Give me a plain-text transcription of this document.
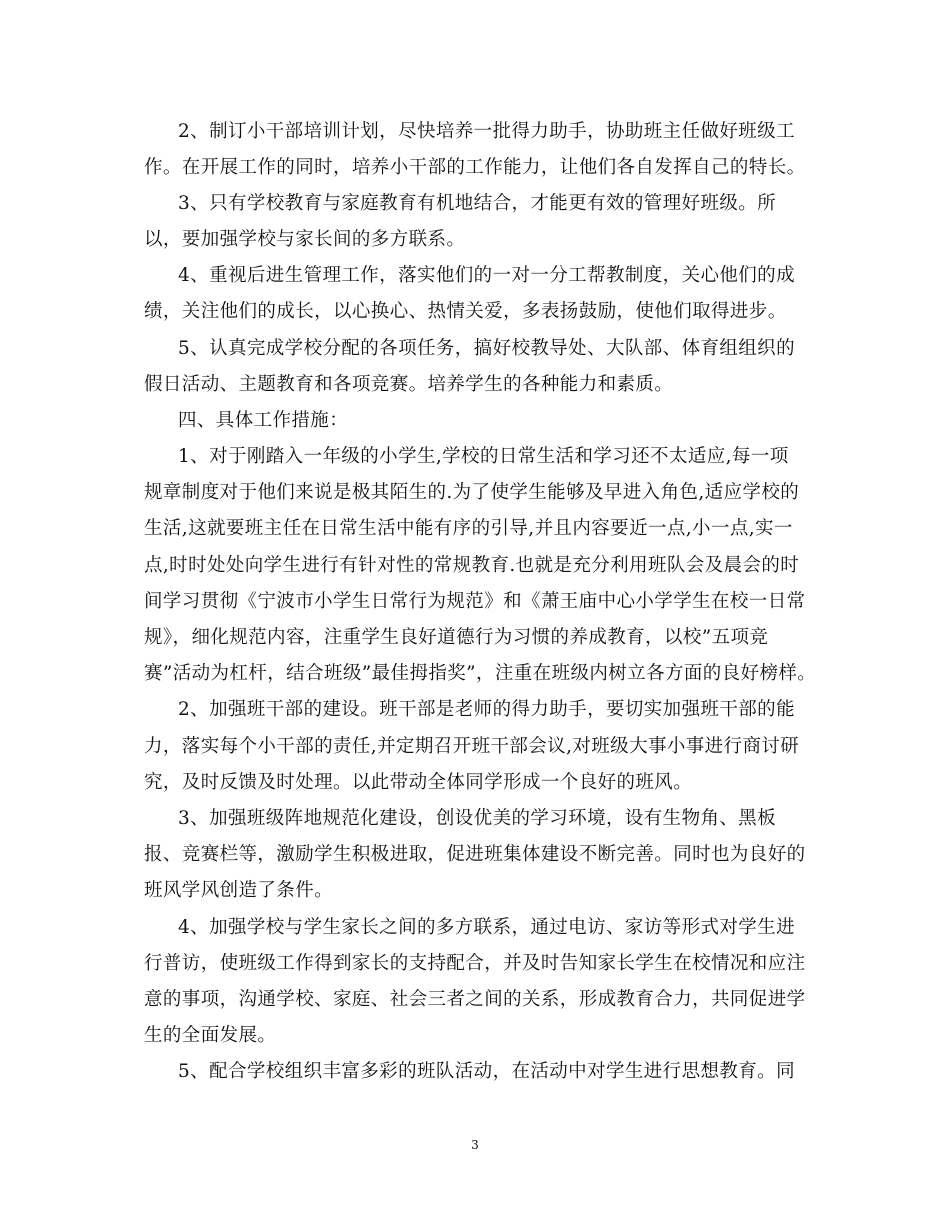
2、制订小干部培训计划，尽快培养一批得力助手，协助班主任做好班级工
作。在开展工作的同时，培养小干部的工作能力，让他们各自发挥自己的特长。
3、只有学校教育与家庭教育有机地结合，才能更有效的管理好班级。所
以，要加强学校与家长间的多方联系。
4、重视后进生管理工作，落实他们的一对一分工帮教制度，关心他们的成
绩，关注他们的成长，以心换心、热情关爱，多表扬鼓励，使他们取得进步。
5、认真完成学校分配的各项任务，搞好校教导处、大队部、体育组组织的
假日活动、主题教育和各项竞赛。培养学生的各种能力和素质。
四、具体工作措施：
1、对于刚踏入一年级的小学生,学校的日常生活和学习还不太适应,每一项
规章制度对于他们来说是极其陌生的.为了使学生能够及早进入角色,适应学校的
生活,这就要班主任在日常生活中能有序的引导,并且内容要近一点,小一点,实一
点,时时处处向学生进行有针对性的常规教育.也就是充分利用班队会及晨会的时
间学习贯彻《宁波市小学生日常行为规范》和《萧王庙中心小学学生在校一日常
规》，细化规范内容，注重学生良好道德行为习惯的养成教育，以校”五项竞
赛”活动为杠杆，结合班级”最佳拇指奖”，注重在班级内树立各方面的良好榜样。
2、加强班干部的建设。班干部是老师的得力助手，要切实加强班干部的能
力，落实每个小干部的责任,并定期召开班干部会议,对班级大事小事进行商讨研
究，及时反馈及时处理。以此带动全体同学形成一个良好的班风。
3、加强班级阵地规范化建设，创设优美的学习环境，设有生物角、黑板
报、竞赛栏等，激励学生积极进取，促进班集体建设不断完善。同时也为良好的
班风学风创造了条件。
4、加强学校与学生家长之间的多方联系，通过电访、家访等形式对学生进
行普访，使班级工作得到家长的支持配合，并及时告知家长学生在校情况和应注
意的事项，沟通学校、家庭、社会三者之间的关系，形成教育合力，共同促进学
生的全面发展。
5、配合学校组织丰富多彩的班队活动，在活动中对学生进行思想教育。同
3
